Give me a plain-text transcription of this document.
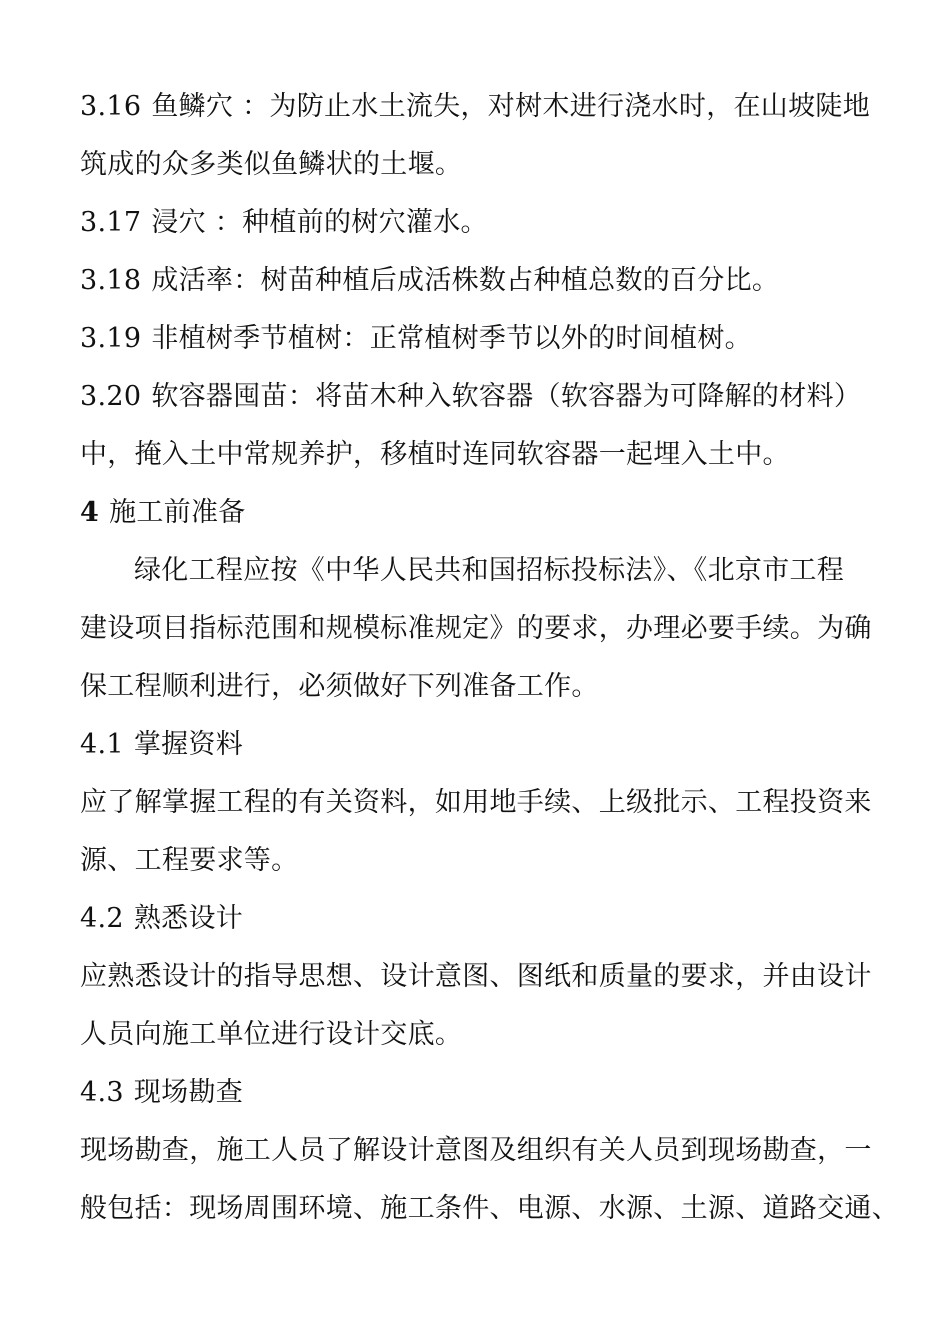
3.16 鱼鳞穴 ：为防止水土流失，对树木进行浇水时，在山坡陡地
筑成的众多类似鱼鳞状的土堰。
3.17 浸穴 ：种植前的树穴灌水。
3.18 成活率：树苗种植后成活株数占种植总数的百分比。
3.19 非植树季节植树：正常植树季节以外的时间植树。
3.20 软容器囤苗：将苗木种入软容器（软容器为可降解的材料）
中，掩入土中常规养护，移植时连同软容器一起埋入土中。
4 施工前准备
绿化工程应按《中华人民共和国招标投标法》、《北京市工程
建设项目指标范围和规模标准规定》的要求，办理必要手续。为确
保工程顺利进行，必须做好下列准备工作。
4.1 掌握资料
应了解掌握工程的有关资料，如用地手续、上级批示、工程投资来
源、工程要求等。
4.2 熟悉设计
应熟悉设计的指导思想、设计意图、图纸和质量的要求，并由设计
人员向施工单位进行设计交底。
4.3 现场勘查
现场勘查，施工人员了解设计意图及组织有关人员到现场勘查，一
般包括：现场周围环境、施工条件、电源、水源、土源、道路交通、
